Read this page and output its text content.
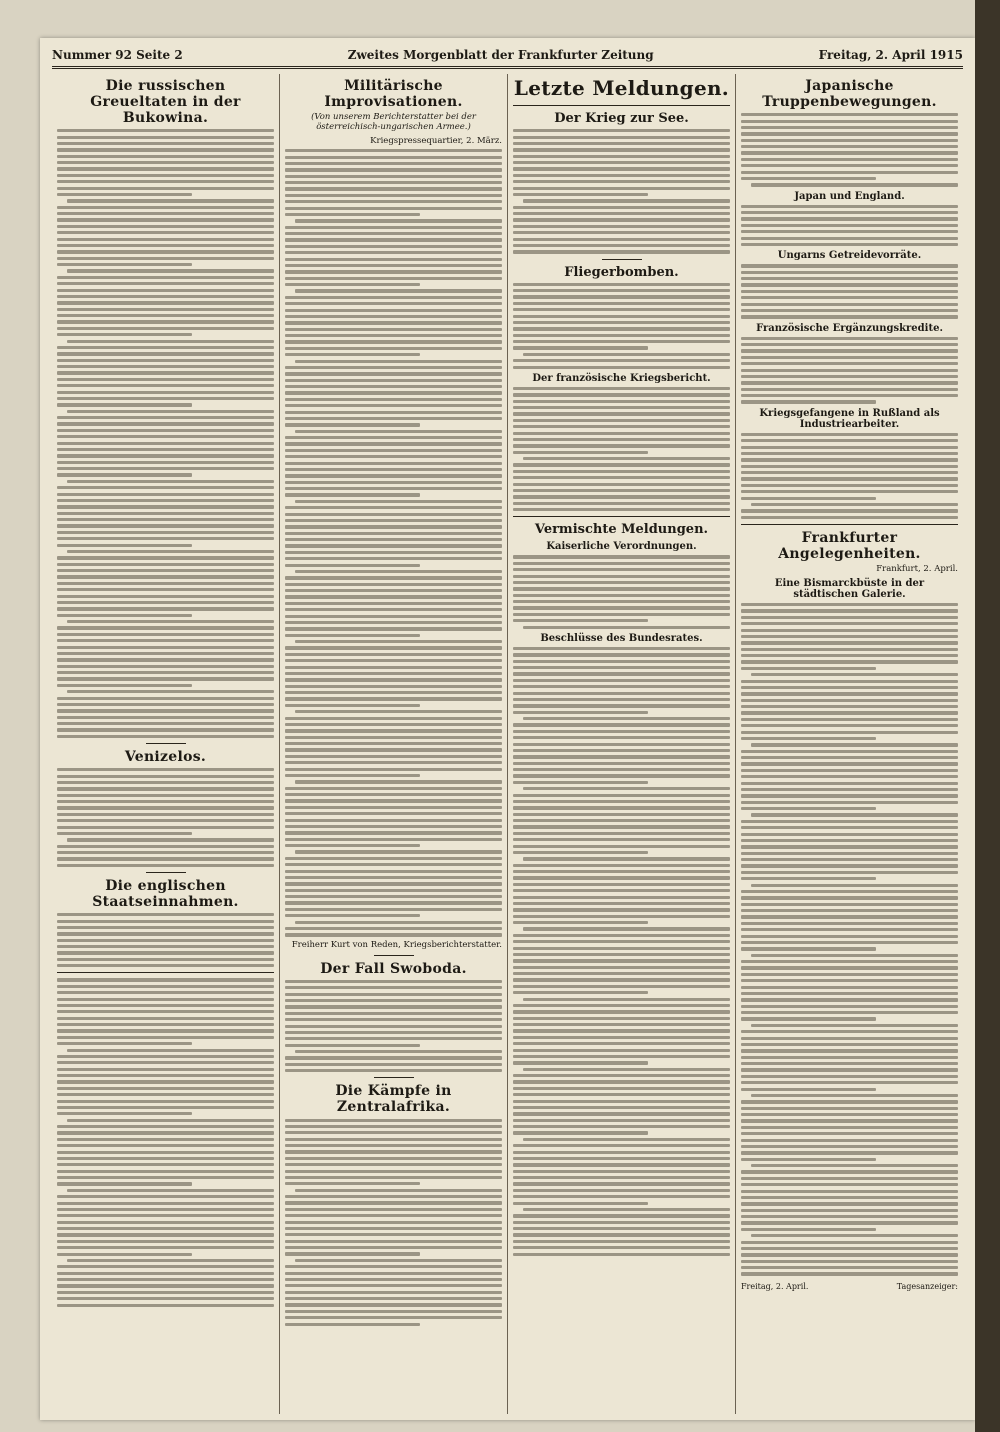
Nummer 92 Seite 2	Zweites Morgenblatt der Frankfurter Zeitung	Freitag, 2. April 1915
Die russischen Greueltaten in der Bukowina.
Venizelos.
Die englischen Staatseinnahmen.
Militärische Improvisationen.
(Von unserem Berichterstatter bei der österreichisch-ungarischen Armee.)
Kriegspressequartier, 2. März.
Freiherr Kurt von Reden, Kriegsberichterstatter.
Der Fall Swoboda.
Die Kämpfe in Zentralafrika.
Letzte Meldungen.
Der Krieg zur See.
Fliegerbomben.
Der französische Kriegsbericht.
Vermischte Meldungen.
Kaiserliche Verordnungen.
Beschlüsse des Bundesrates.
Japanische Truppenbewegungen.
Japan und England.
Ungarns Getreidevorräte.
Französische Ergänzungskredite.
Kriegsgefangene in Rußland als Industriearbeiter.
Frankfurter Angelegenheiten.
Frankfurt, 2. April.
Eine Bismarckbüste in der städtischen Galerie.
Freitag, 2. April.	Tagesanzeiger:
